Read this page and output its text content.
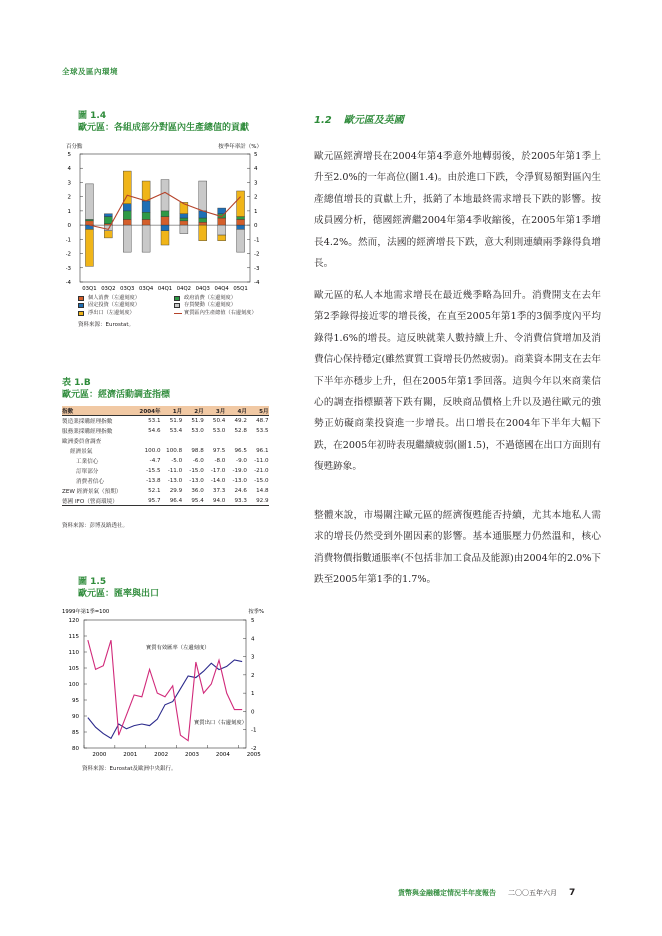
全球及區內環境
圖 1.4
歐元區：各組成部分對區內生產總值的貢獻
百分點	按季年率計（%）
-4
-3
-2
-1
0
1
2
3
4
5
-4
-3
-2
-1
0
1
2
3
4
5
03Q1 03Q2 03Q3 03Q4 04Q1 04Q2 04Q3 04Q4 05Q1
個人消費（左邊刻度）	政府消費（左邊刻度）
固定投資（左邊刻度）	存貨變動（左邊刻度）
淨出口（左邊刻度）	實質區內生產總值（右邊刻度）
資料來源：Eurostat。
表 1.B
歐元區：經濟活動調查指標
指數	2004年	1月	2月	3月	4月	5月
製造業採購經理指數	53.1	51.9	51.9	50.4	49.2	48.7
服務業採購經理指數	54.6	53.4	53.0	53.0	52.8	53.5
歐洲委員會調查
經濟景氣	100.0 100.8	98.8	97.5	96.5	96.1
工業信心	-4.7	-5.0	-6.0	-8.0	-9.0	-11.0
訂單部分	-15.5	-11.0	-15.0	-17.0	-19.0	-21.0
消費者信心	-13.8	-13.0	-13.0	-14.0	-13.0	-15.0
ZEW 經濟景氣（預期）	52.1	29.9	36.0	37.3	24.6	14.8
德國 IFO（營商環境）	95.7	96.4	95.4	94.0	93.3	92.9
資料來源：彭博及路透社。
圖 1.5
歐元區：匯率與出口
1999年第1季=100	按季%
80
85
90
95
100
105
110
115
120
-2
-1
0
1
2
3
4
5
2000	2001	2002	2003	2004	2005
實質有效匯率（左邊刻度）
實質出口（右邊刻度）
資料來源：Eurostat及歐洲中央銀行。
1.2 歐元區及英國

歐元區經濟增長在2004年第4季意外地轉弱後，於2005年第1季上升至2.0%的一年高位(圖1.4)。由於進口下跌，令淨貿易額對區內生產總值增長的貢獻上升，抵銷了本地最終需求增長下跌的影響。按成員國分析，德國經濟繼2004年第4季收縮後，在2005年第1季增長4.2%。然而，法國的經濟增長下跌，意大利則連續兩季錄得負增長。

歐元區的私人本地需求增長在最近幾季略為回升。消費開支在去年第2季錄得接近零的增長後，在直至2005年第1季的3個季度內平均錄得1.6%的增長。這反映就業人數持續上升、令消費信貸增加及消費信心保持穩定(雖然實質工資增長仍然疲弱)。商業資本開支在去年下半年亦穩步上升，但在2005年第1季回落。這與今年以來商業信心的調查指標顯著下跌有關，反映商品價格上升以及過往歐元的強勢正妨礙商業投資進一步增長。出口增長在2004年下半年大幅下跌，在2005年初時表現繼續疲弱(圖1.5)，不過德國在出口方面則有復甦跡象。

整體來說，市場關注歐元區的經濟復甦能否持續，尤其本地私人需求的增長仍然受到外圍因素的影響。基本通脹壓力仍然溫和，核心消費物價指數通脹率(不包括非加工食品及能源)由2004年的2.0%下跌至2005年第1季的1.7%。

貨幣與金融穩定情況半年度報告 二〇〇五年六月 7
